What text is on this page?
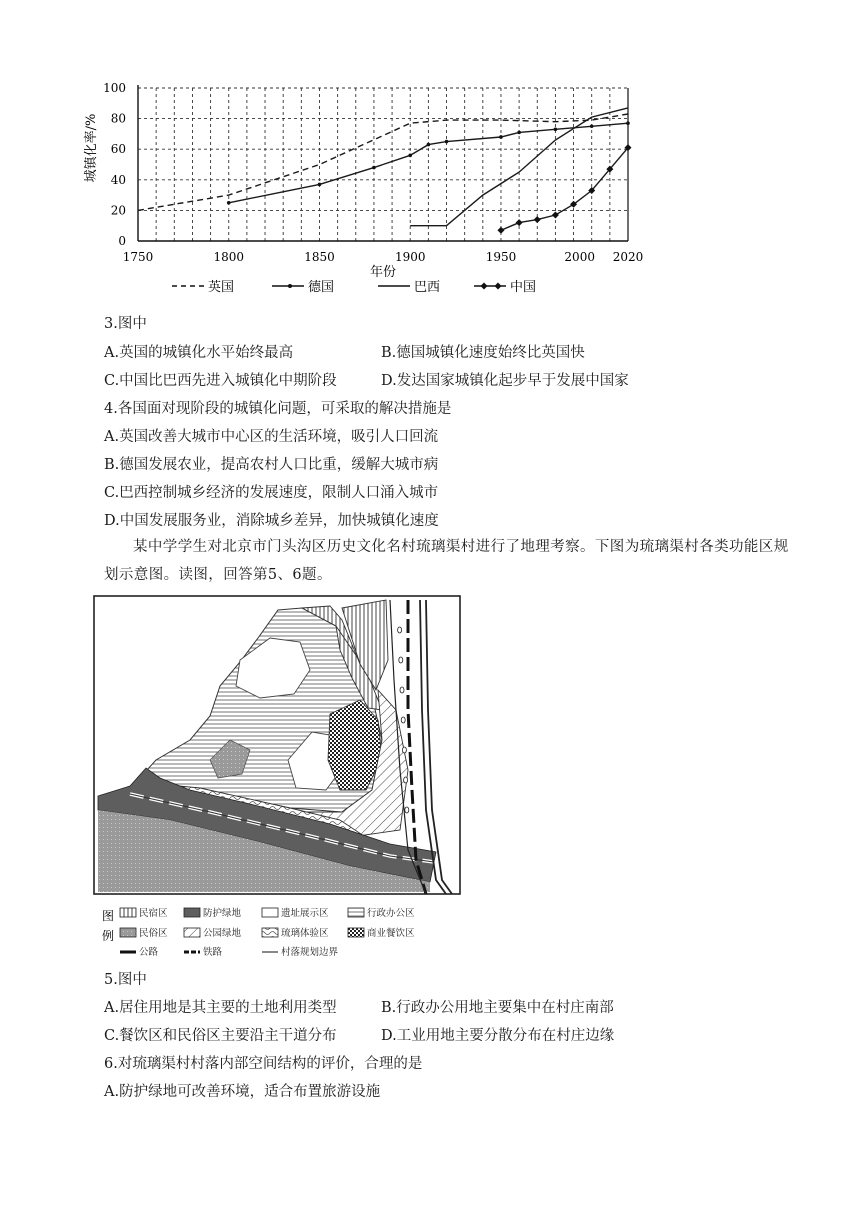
100
80
60
40
20
0
1750	1800	1850	1900	1950	2000 2020
城镇化率/%
年份
英国	德国	巴西	中国
3.图中
A.英国的城镇化水平始终最高	B.德国城镇化速度始终比英国快
C.中国比巴西先进入城镇化中期阶段	D.发达国家城镇化起步早于发展中国家
4.各国面对现阶段的城镇化问题，可采取的解决措施是
A.英国改善大城市中心区的生活环境，吸引人口回流
B.德国发展农业，提高农村人口比重，缓解大城市病
C.巴西控制城乡经济的发展速度，限制人口涌入城市
D.中国发展服务业，消除城乡差异，加快城镇化速度
某中学学生对北京市门头沟区历史文化名村琉璃渠村进行了地理考察。下图为琉璃渠村各类功能区规划示意图。读图，回答第5、6题。
图
例
民宿区	防护绿地	遗址展示区	行政办公区
民俗区	公园绿地	琉璃体验区	商业餐饮区
公路	铁路	村落规划边界
5.图中
A.居住用地是其主要的土地利用类型	B.行政办公用地主要集中在村庄南部
C.餐饮区和民俗区主要沿主干道分布	D.工业用地主要分散分布在村庄边缘
6.对琉璃渠村村落内部空间结构的评价，合理的是
A.防护绿地可改善环境，适合布置旅游设施
